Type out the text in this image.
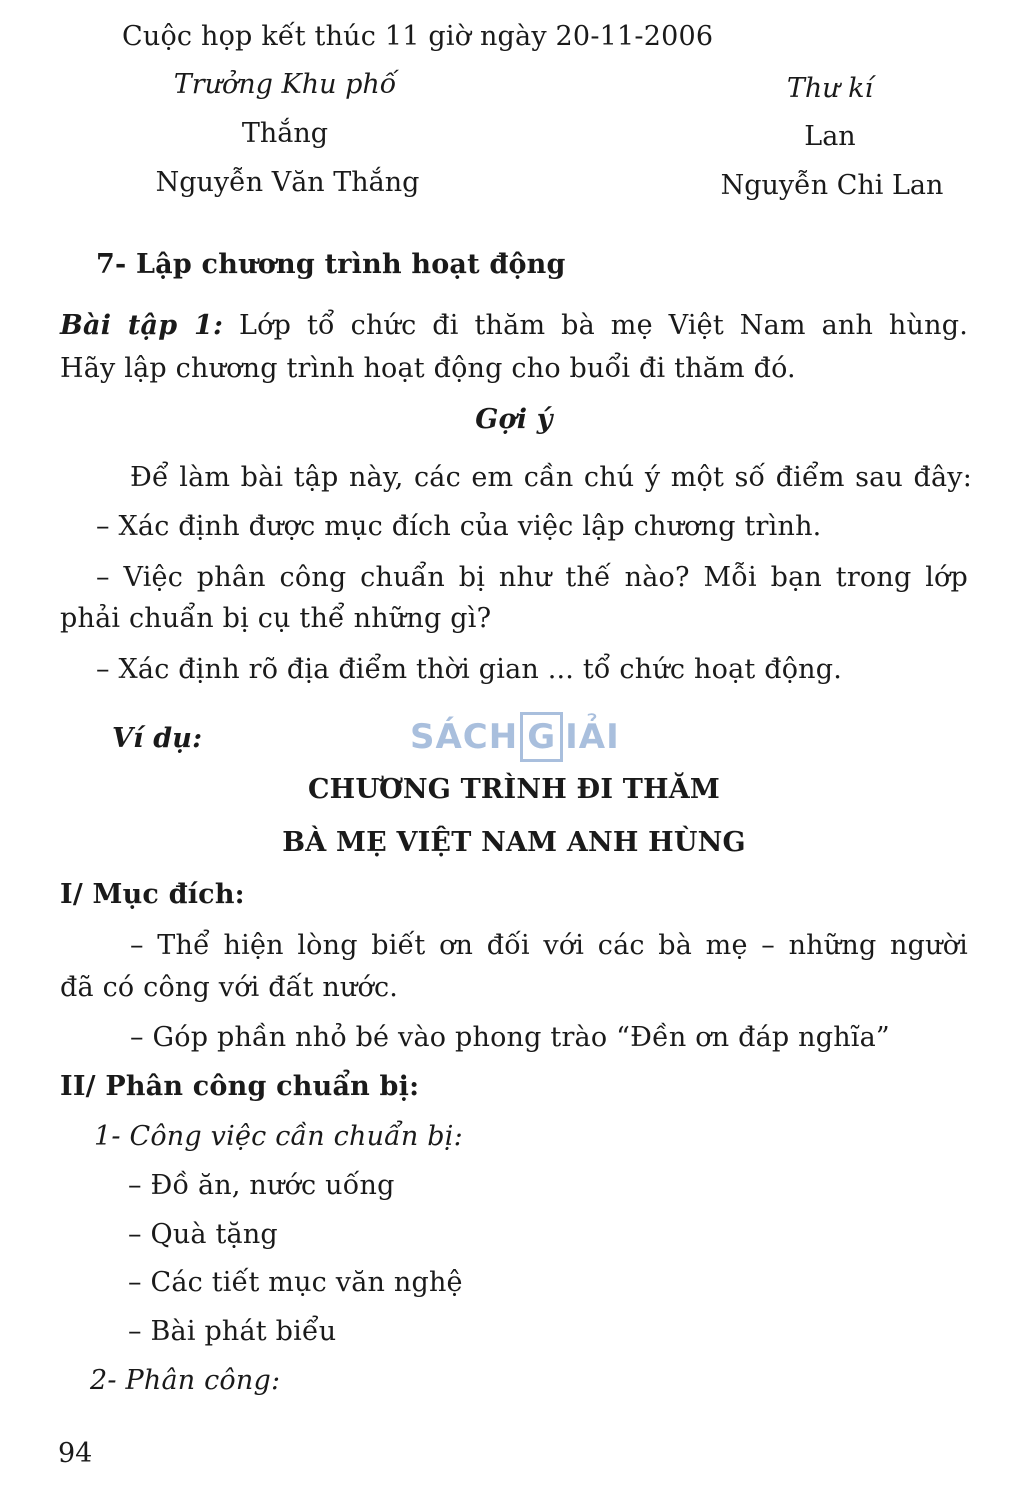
Cuộc họp kết thúc 11 giờ ngày 20-11-2006
Trưởng Khu phố
Thắng
Nguyễn Văn Thắng
Thư kí
Lan
Nguyễn Chi Lan
7- Lập chương trình hoạt động
Bài tập 1: Lớp tổ chức đi thăm bà mẹ Việt Nam anh hùng.
Hãy lập chương trình hoạt động cho buổi đi thăm đó.
Gợi ý
Để làm bài tập này, các em cần chú ý một số điểm sau đây:
– Xác định được mục đích của việc lập chương trình.
– Việc phân công chuẩn bị như thế nào? Mỗi bạn trong lớp
phải chuẩn bị cụ thể những gì?
– Xác định rõ địa điểm thời gian ... tổ chức hoạt động.
Ví dụ:	SÁCH G IẢI
CHƯƠNG TRÌNH ĐI THĂM
BÀ MẸ VIỆT NAM ANH HÙNG
I/ Mục đích:
– Thể hiện lòng biết ơn đối với các bà mẹ – những người
đã có công với đất nước.
– Góp phần nhỏ bé vào phong trào “Đền ơn đáp nghĩa”
II/ Phân công chuẩn bị:
1- Công việc cần chuẩn bị:
– Đồ ăn, nước uống
– Quà tặng
– Các tiết mục văn nghệ
– Bài phát biểu
2- Phân công:
94
